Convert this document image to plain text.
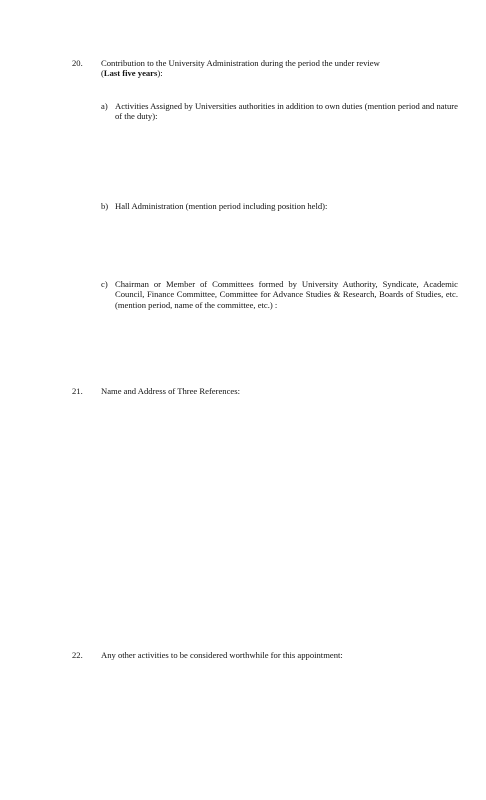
20. Contribution to the University Administration during the period the under review
(Last five years):
a) Activities Assigned by Universities authorities in addition to own duties (mention period and nature of the duty):
b) Hall Administration (mention period including position held):
c) Chairman or Member of Committees formed by University Authority, Syndicate, Academic Council, Finance Committee, Committee for Advance Studies & Research, Boards of Studies, etc. (mention period, name of the committee, etc.) :
21. Name and Address of Three References:
22. Any other activities to be considered worthwhile for this appointment:
